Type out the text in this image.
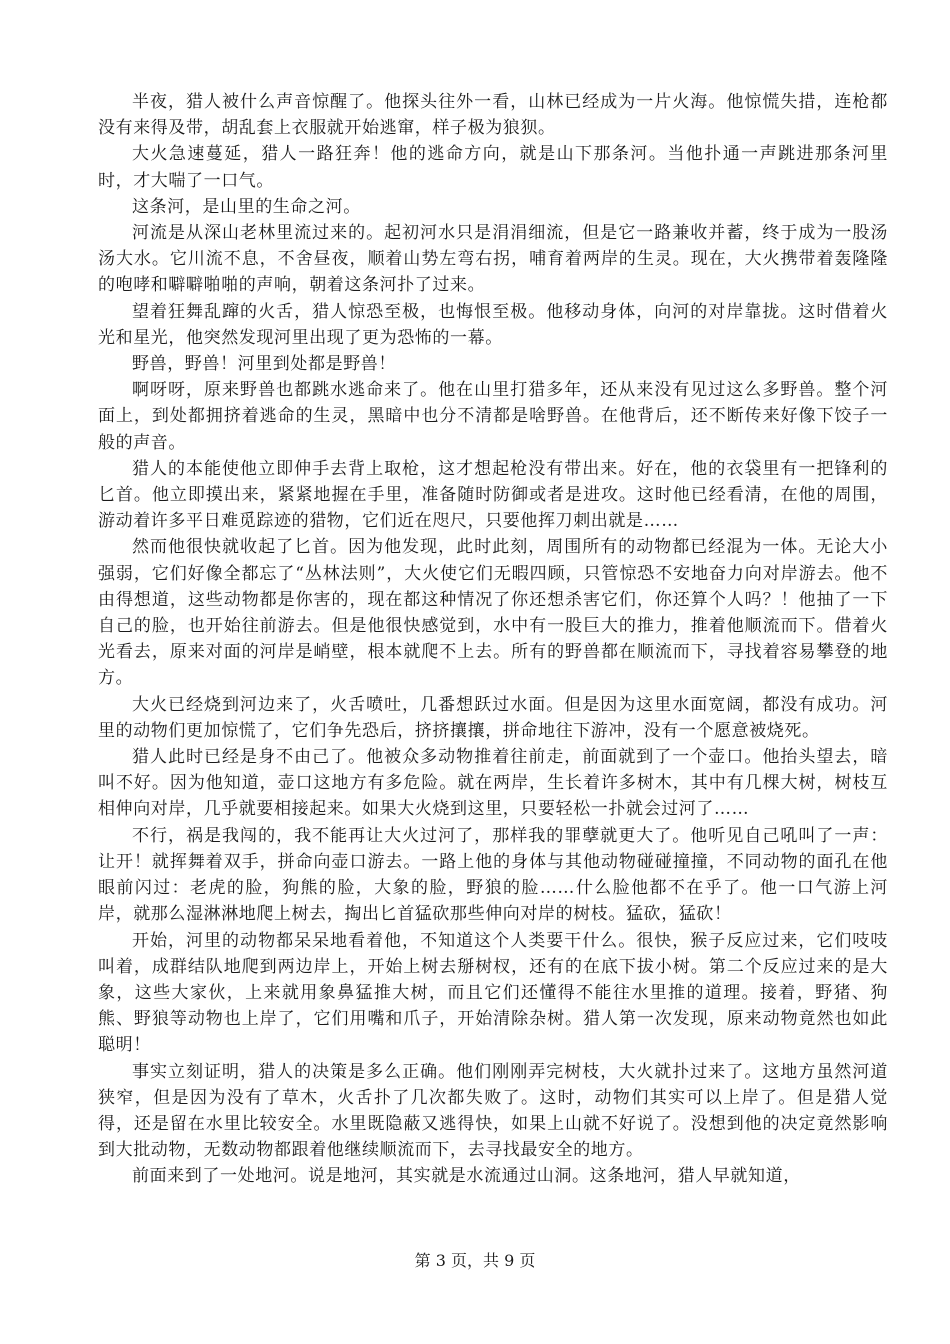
半夜，猎人被什么声音惊醒了。他探头往外一看，山林已经成为一片火海。他惊慌失措，连枪都没有来得及带，胡乱套上衣服就开始逃窜，样子极为狼狈。

大火急速蔓延，猎人一路狂奔！他的逃命方向，就是山下那条河。当他扑通一声跳进那条河里时，才大喘了一口气。

这条河，是山里的生命之河。

河流是从深山老林里流过来的。起初河水只是涓涓细流，但是它一路兼收并蓄，终于成为一股汤汤大水。它川流不息，不舍昼夜，顺着山势左弯右拐，哺育着两岸的生灵。现在，大火携带着轰隆隆的咆哮和噼噼啪啪的声响，朝着这条河扑了过来。

望着狂舞乱蹿的火舌，猎人惊恐至极，也悔恨至极。他移动身体，向河的对岸靠拢。这时借着火光和星光，他突然发现河里出现了更为恐怖的一幕。

野兽，野兽！河里到处都是野兽！

啊呀呀，原来野兽也都跳水逃命来了。他在山里打猎多年，还从来没有见过这么多野兽。整个河面上，到处都拥挤着逃命的生灵，黑暗中也分不清都是啥野兽。在他背后，还不断传来好像下饺子一般的声音。

猎人的本能使他立即伸手去背上取枪，这才想起枪没有带出来。好在，他的衣袋里有一把锋利的匕首。他立即摸出来，紧紧地握在手里，准备随时防御或者是进攻。这时他已经看清，在他的周围，游动着许多平日难觅踪迹的猎物，它们近在咫尺，只要他挥刀刺出就是……

然而他很快就收起了匕首。因为他发现，此时此刻，周围所有的动物都已经混为一体。无论大小强弱，它们好像全都忘了“丛林法则”，大火使它们无暇四顾，只管惊恐不安地奋力向对岸游去。他不由得想道，这些动物都是你害的，现在都这种情况了你还想杀害它们，你还算个人吗？！他抽了一下自己的脸，也开始往前游去。但是他很快感觉到，水中有一股巨大的推力，推着他顺流而下。借着火光看去，原来对面的河岸是峭壁，根本就爬不上去。所有的野兽都在顺流而下，寻找着容易攀登的地方。

大火已经烧到河边来了，火舌喷吐，几番想跃过水面。但是因为这里水面宽阔，都没有成功。河里的动物们更加惊慌了，它们争先恐后，挤挤攘攘，拼命地往下游冲，没有一个愿意被烧死。

猎人此时已经是身不由己了。他被众多动物推着往前走，前面就到了一个壶口。他抬头望去，暗叫不好。因为他知道，壶口这地方有多危险。就在两岸，生长着许多树木，其中有几棵大树，树枝互相伸向对岸，几乎就要相接起来。如果大火烧到这里，只要轻松一扑就会过河了……

不行，祸是我闯的，我不能再让大火过河了，那样我的罪孽就更大了。他听见自己吼叫了一声：让开！就挥舞着双手，拼命向壶口游去。一路上他的身体与其他动物碰碰撞撞，不同动物的面孔在他眼前闪过：老虎的脸，狗熊的脸，大象的脸，野狼的脸……什么脸他都不在乎了。他一口气游上河岸，就那么湿淋淋地爬上树去，掏出匕首猛砍那些伸向对岸的树枝。猛砍，猛砍！

开始，河里的动物都呆呆地看着他，不知道这个人类要干什么。很快，猴子反应过来，它们吱吱叫着，成群结队地爬到两边岸上，开始上树去掰树杈，还有的在底下拔小树。第二个反应过来的是大象，这些大家伙，上来就用象鼻猛推大树，而且它们还懂得不能往水里推的道理。接着，野猪、狗熊、野狼等动物也上岸了，它们用嘴和爪子，开始清除杂树。猎人第一次发现，原来动物竟然也如此聪明！

事实立刻证明，猎人的决策是多么正确。他们刚刚弄完树枝，大火就扑过来了。这地方虽然河道狭窄，但是因为没有了草木，火舌扑了几次都失败了。这时，动物们其实可以上岸了。但是猎人觉得，还是留在水里比较安全。水里既隐蔽又逃得快，如果上山就不好说了。没想到他的决定竟然影响到大批动物，无数动物都跟着他继续顺流而下，去寻找最安全的地方。

前面来到了一处地河。说是地河，其实就是水流通过山洞。这条地河，猎人早就知道，

第 3 页，共 9 页
